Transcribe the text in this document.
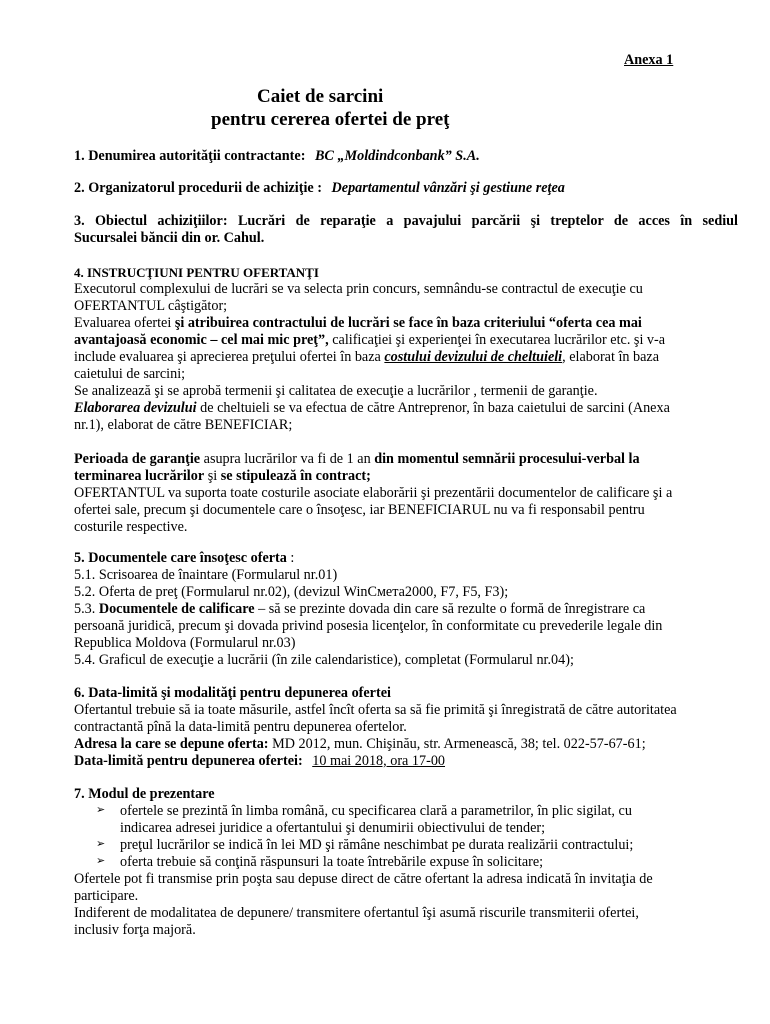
Anexa 1
Caiet de sarcini
pentru cererea ofertei de preţ
1. Denumirea autorităţii contractante: BC „Moldindconbank” S.A.
2. Organizatorul procedurii de achiziţie : Departamentul vânzări şi gestiune reţea
3. Obiectul achiziţiilor: Lucrări de reparaţie a pavajului parcării şi treptelor de acces în sediul
Sucursalei băncii din or. Cahul.
4. INSTRUCŢIUNI PENTRU OFERTANŢI
Executorul complexului de lucrări se va selecta prin concurs, semnându-se contractul de execuţie cu
OFERTANTUL câştigător;
Evaluarea ofertei şi atribuirea contractului de lucrări se face în baza criteriului “oferta cea mai
avantajoasă economic – cel mai mic preţ”, calificaţiei şi experienţei în executarea lucrărilor etc. şi v-a
include evaluarea şi aprecierea preţului ofertei în baza costului devizului de cheltuieli, elaborat în baza
caietului de sarcini;
Se analizează şi se aprobă termenii şi calitatea de execuţie a lucrărilor , termenii de garanţie.
Elaborarea devizului de cheltuieli se va efectua de către Antreprenor, în baza caietului de sarcini (Anexa
nr.1), elaborat de către BENEFICIAR;
Perioada de garanţie asupra lucrărilor va fi de 1 an din momentul semnării procesului-verbal la
terminarea lucrărilor şi se stipulează în contract;
OFERTANTUL va suporta toate costurile asociate elaborării şi prezentării documentelor de calificare şi a
ofertei sale, precum şi documentele care o însoţesc, iar BENEFICIARUL nu va fi responsabil pentru
costurile respective.
5. Documentele care însoţesc oferta :
5.1. Scrisoarea de înaintare (Formularul nr.01)
5.2. Oferta de preţ (Formularul nr.02), (devizul WinCмета2000, F7, F5, F3);
5.3. Documentele de calificare – să se prezinte dovada din care să rezulte o formă de înregistrare ca
persoană juridică, precum şi dovada privind posesia licenţelor, în conformitate cu prevederile legale din
Republica Moldova (Formularul nr.03)
5.4. Graficul de execuţie a lucrării (în zile calendaristice), completat (Formularul nr.04);
6. Data-limită şi modalităţi pentru depunerea ofertei
Ofertantul trebuie să ia toate măsurile, astfel încît oferta sa să fie primită şi înregistrată de către autoritatea
contractantă pînă la data-limită pentru depunerea ofertelor.
Adresa la care se depune oferta: MD 2012, mun. Chişinău, str. Armenească, 38; tel. 022-57-67-61;
Data-limită pentru depunerea ofertei: 10 mai 2018, ora 17-00
7. Modul de prezentare
➢ ofertele se prezintă în limba română, cu specificarea clară a parametrilor, în plic sigilat, cu
indicarea adresei juridice a ofertantului şi denumirii obiectivului de tender;
➢ preţul lucrărilor se indică în lei MD şi rămâne neschimbat pe durata realizării contractului;
➢ oferta trebuie să conţină răspunsuri la toate întrebările expuse în solicitare;
Ofertele pot fi transmise prin poşta sau depuse direct de către ofertant la adresa indicată în invitaţia de
participare.
Indiferent de modalitatea de depunere/ transmitere ofertantul îşi asumă riscurile transmiterii ofertei,
inclusiv forţa majoră.
